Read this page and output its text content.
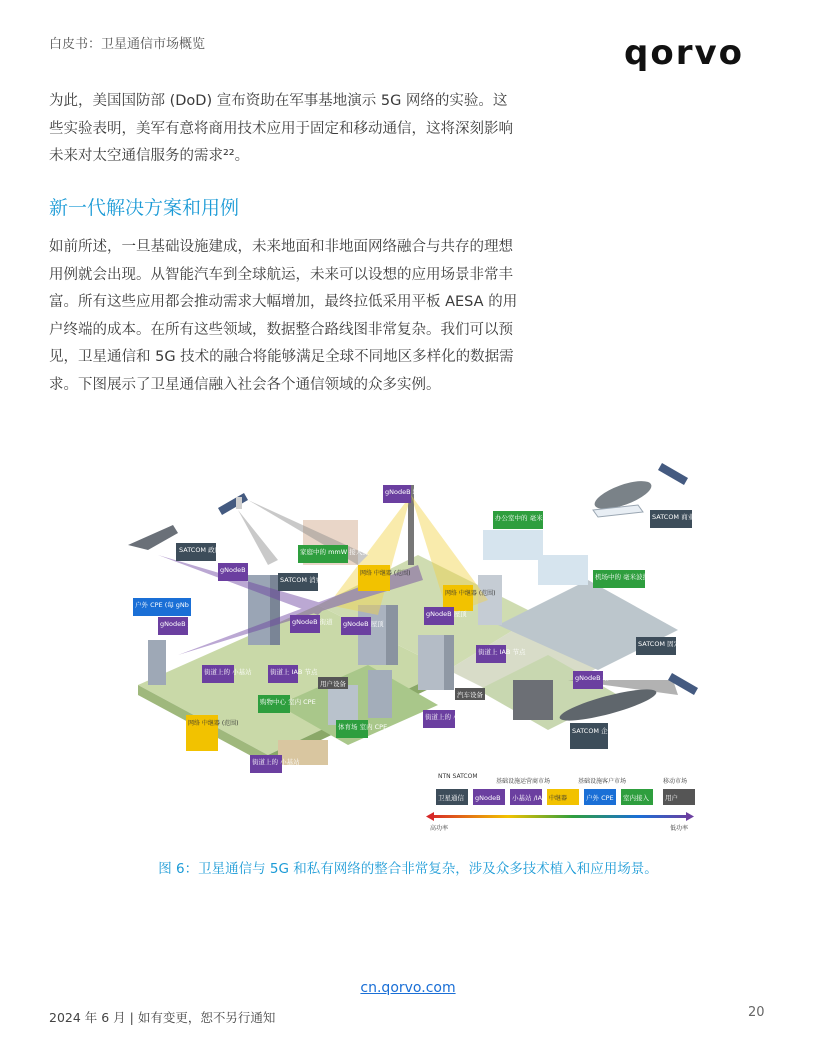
白皮书：卫星通信市场概览	qorvo
为此，美国国防部 (DoD) 宣布资助在军事基地演示 5G 网络的实验。这些实验表明，美军有意将商用技术应用于固定和移动通信，这将深刻影响未来对太空通信服务的需求²²。
新一代解决方案和用例
如前所述，一旦基础设施建成，未来地面和非地面网络融合与共存的理想用例就会出现。从智能汽车到全球航运，未来可以设想的应用场景非常丰富。所有这些应用都会推动需求大幅增加，最终拉低采用平板 AESA 的用户终端的成本。在所有这些领域，数据整合路线图非常复杂。我们可以预见，卫星通信和 5G 技术的融合将能够满足全球不同地区多样化的数据需求。下图展示了卫星通信融入社会各个通信领域的众多实例。
SATCOM 政府
gNodeB 塔
办公室中的 毫米波接入点	SATCOM 商业
家庭中的 mmW 接入点
gNodeB 屋顶
SATCOM 消费类
户外 CPE (每 gNb 25 个 OPE)
gNodeB 屋顶
网络 中继器 (范围)
网络 中继器 (范围)
机场中的 毫米波接入点
gNodeB 街道 gNodeB 屋顶
gNodeB 屋顶
SATCOM 固定
街道上的 小基站	街道上 IAB 节点
街道上 IAB 节点
用户设备
汽车设备
gNodeB 塔
购物中心 室内 CPE
体育场 室内 CPE
街道上的 小基站
SATCOM 企业 (数据中心)
网络 中继器 (范围)
街道上的 小基站
NTN SATCOM
基础设施运营商市场	基础设施客户市场	移动市场
卫星通信 gNodeB 小基站 /IAB 中继器	户外 CPE 室内接入 用户
高功率	低功率
图 6：卫星通信与 5G 和私有网络的整合非常复杂，涉及众多技术植入和应用场景。
cn.qorvo.com
2024 年 6 月 | 如有变更，恕不另行通知	20
